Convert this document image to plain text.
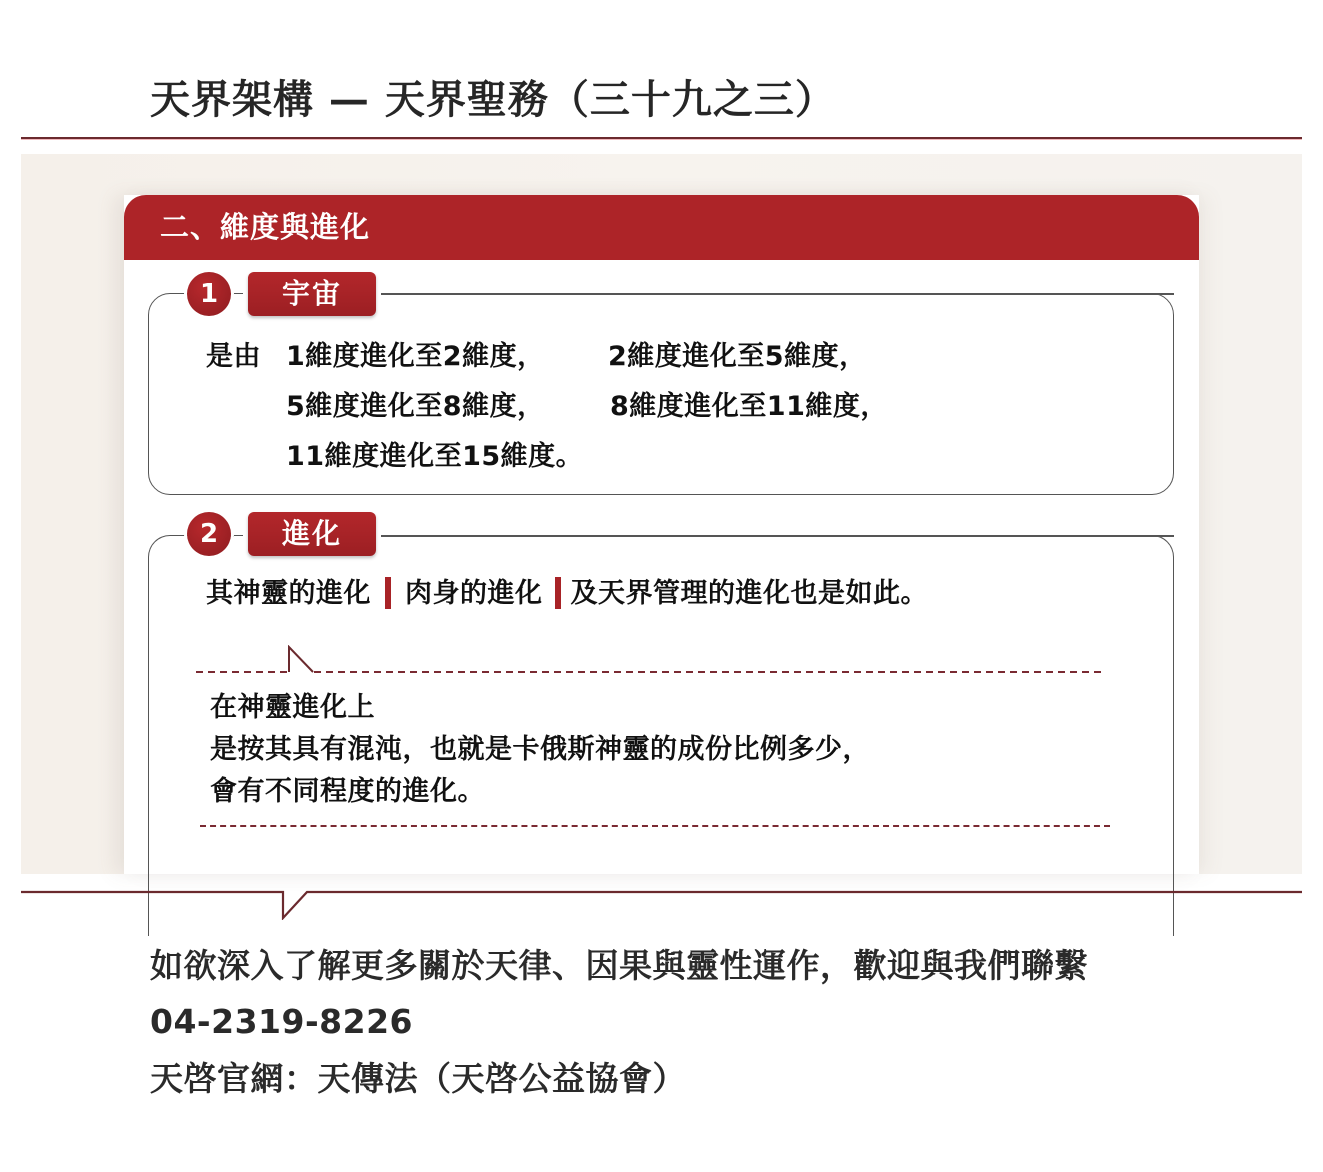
天界架構 — 天界聖務（三十九之三）
二、維度與進化
1	宇宙
是由 1維度進化至2維度， 2維度進化至5維度，
5維度進化至8維度， 8維度進化至11維度，
11維度進化至15維度。
2	進化
其神靈的進化 肉身的進化 及天界管理的進化也是如此。
在神靈進化上
是按其具有混沌，也就是卡俄斯神靈的成份比例多少，
會有不同程度的進化。
如欲深入了解更多關於天律、因果與靈性運作，歡迎與我們聯繫
04-2319-8226
天啓官網：天傳法（天啓公益協會）
